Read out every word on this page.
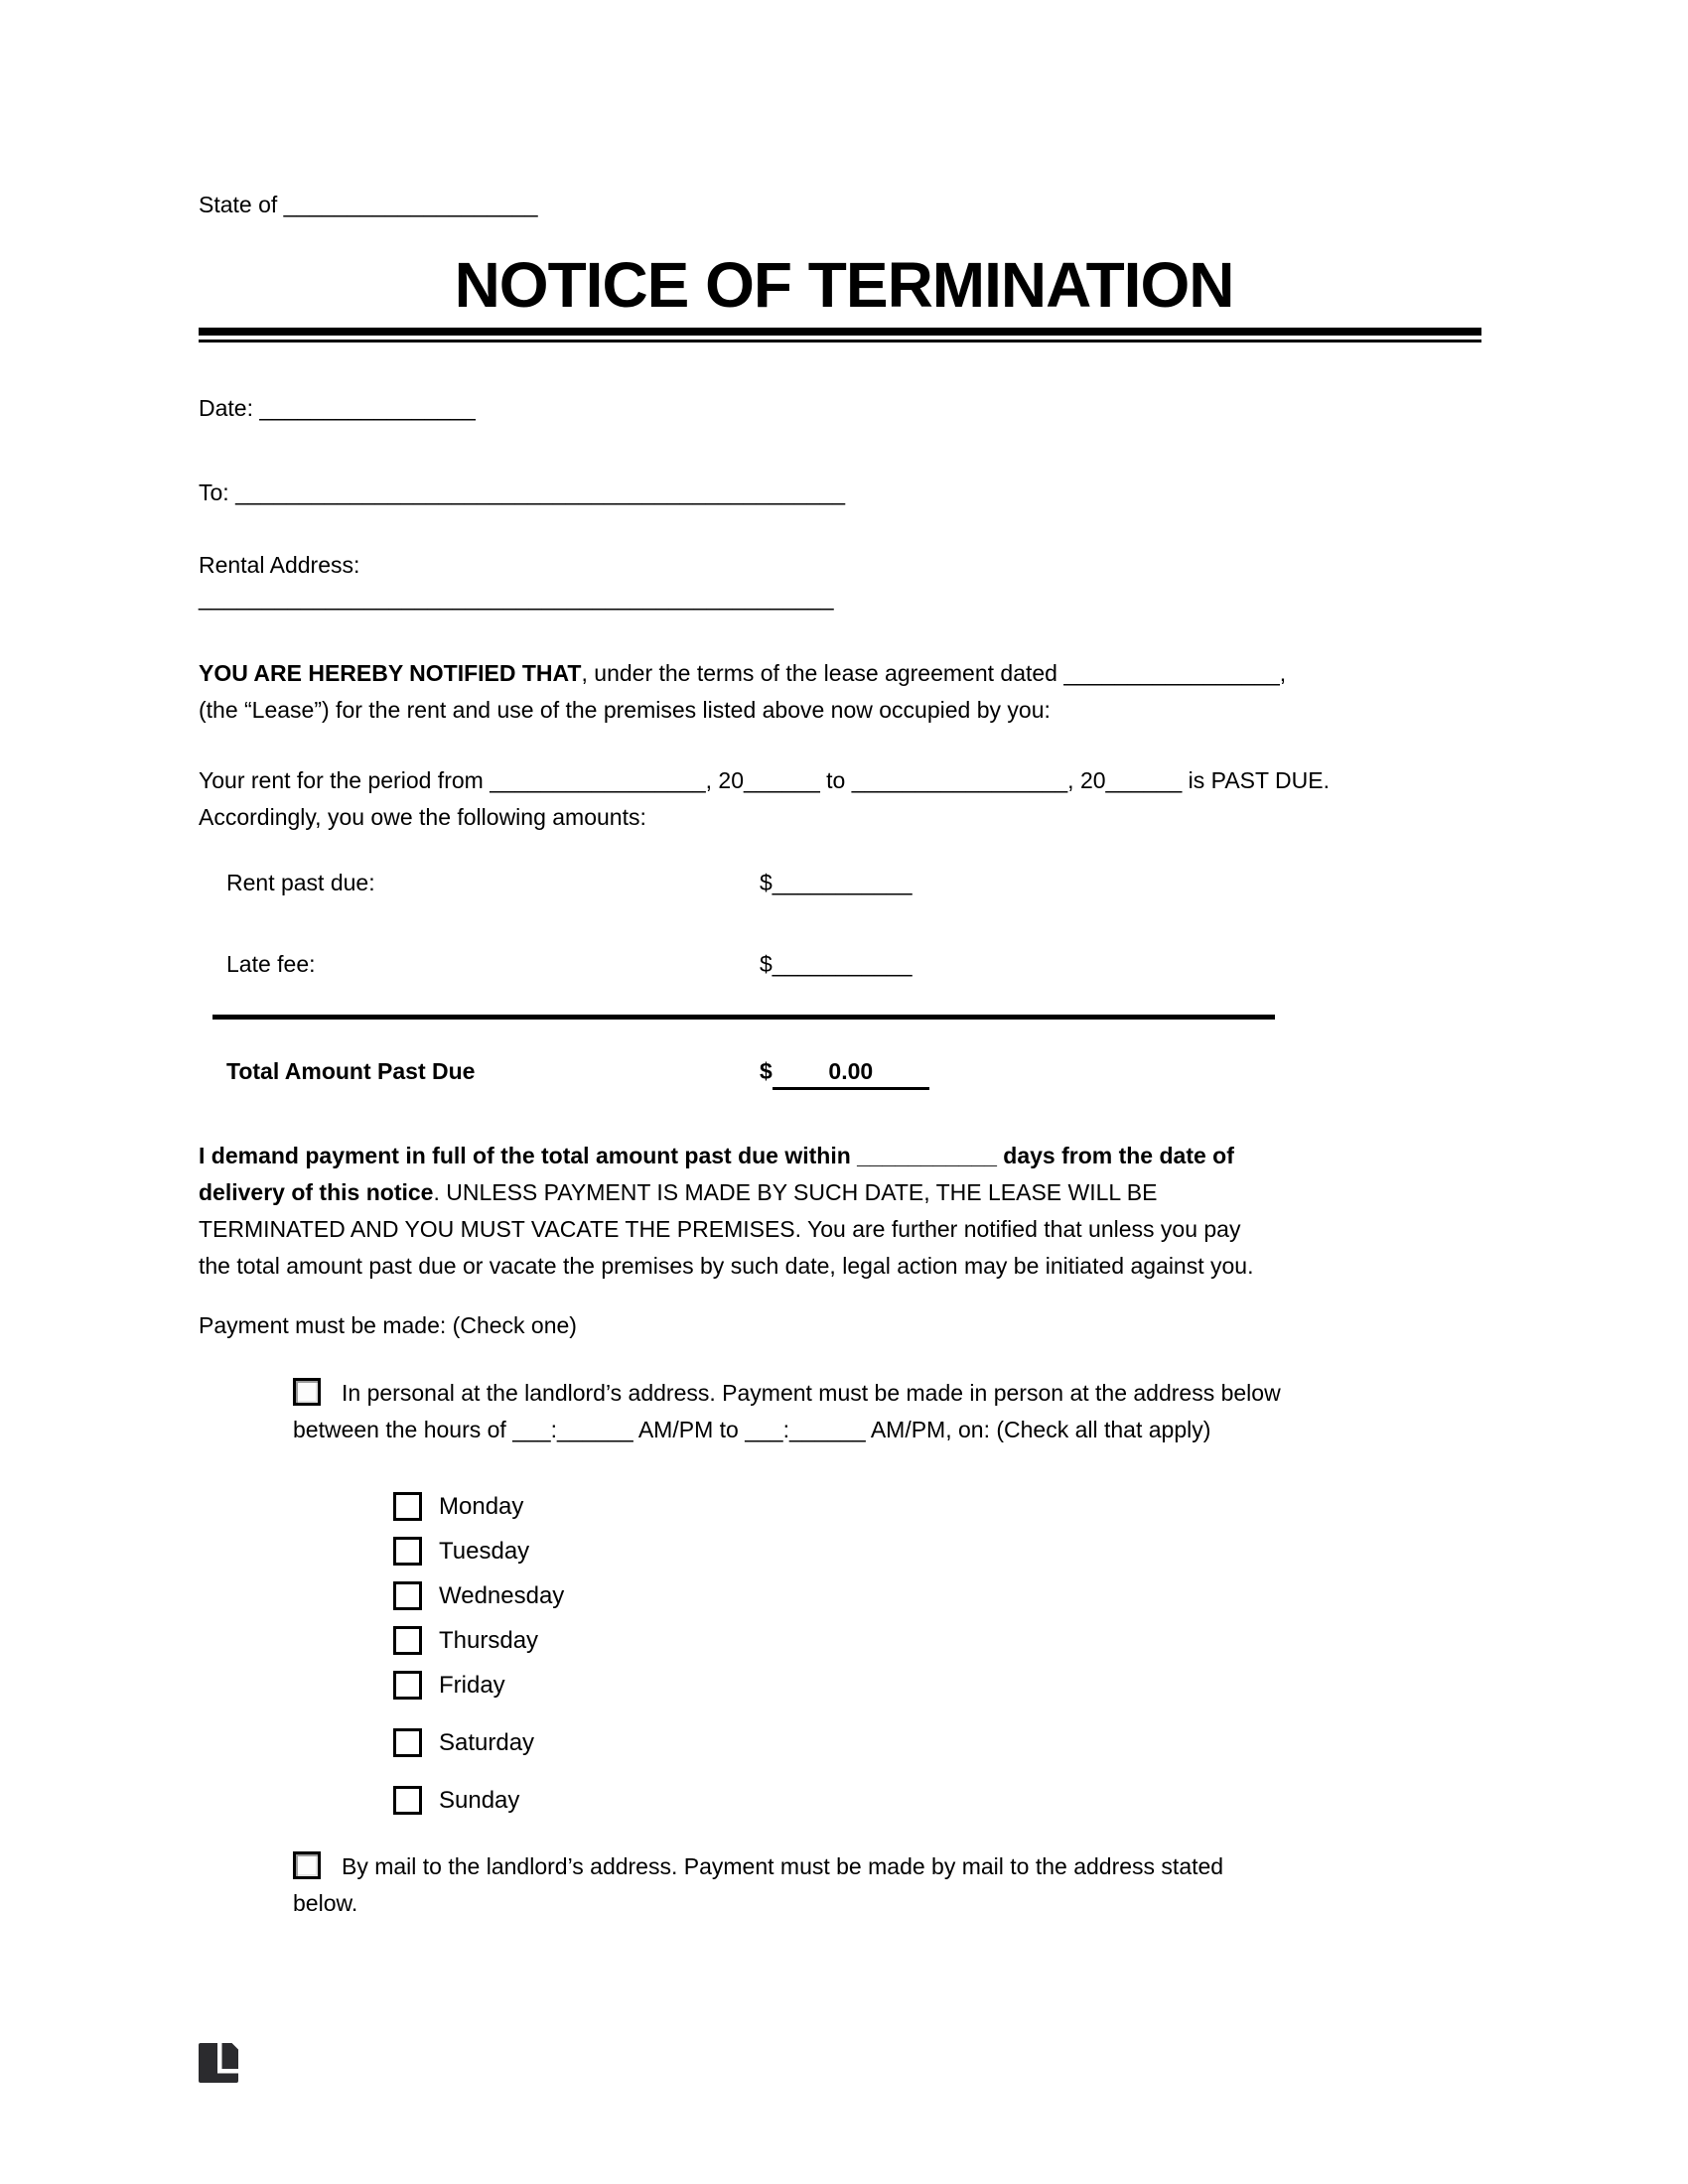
State of ____________________
NOTICE OF TERMINATION
Date: _________________
To: ________________________________________________
Rental Address:
__________________________________________________
YOU ARE HEREBY NOTIFIED THAT, under the terms of the lease agreement dated _________________,
(the “Lease”) for the rent and use of the premises listed above now occupied by you:
Your rent for the period from _________________, 20______ to _________________, 20______ is PAST DUE.
Accordingly, you owe the following amounts:
Rent past due:	$___________
Late fee:	$___________
Total Amount Past Due	$ 0.00
I demand payment in full of the total amount past due within ___________ days from the date of
delivery of this notice. UNLESS PAYMENT IS MADE BY SUCH DATE, THE LEASE WILL BE
TERMINATED AND YOU MUST VACATE THE PREMISES. You are further notified that unless you pay
the total amount past due or vacate the premises by such date, legal action may be initiated against you.
Payment must be made: (Check one)
In personal at the landlord’s address. Payment must be made in person at the address below
between the hours of ___:______ AM/PM to ___:______ AM/PM, on: (Check all that apply)
Monday
Tuesday
Wednesday
Thursday
Friday
Saturday
Sunday
By mail to the landlord’s address. Payment must be made by mail to the address stated
below.
